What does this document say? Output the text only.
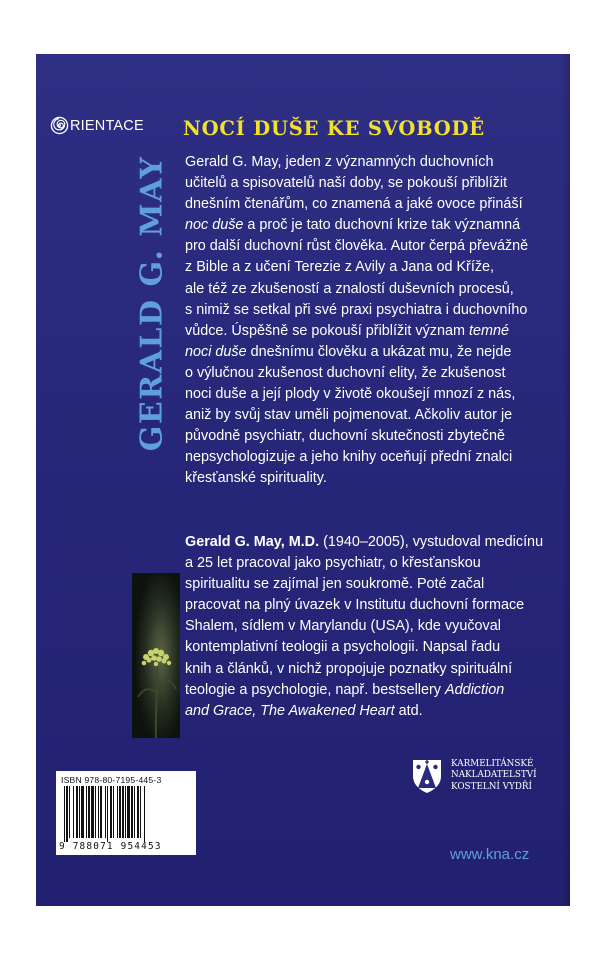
RIENTACE NOCÍ DUŠE KE SVOBODĚ
GERALD G. MAY Gerald G. May, jeden z významných duchovních
učitelů a spisovatelů naší doby, se pokouší přiblížit
dnešním čtenářům, co znamená a jaké ovoce přináší
noc duše a proč je tato duchovní krize tak významná
pro další duchovní růst člověka. Autor čerpá převážně
z Bible a z učení Terezie z Avily a Jana od Kříže,
ale též ze zkušeností a znalostí duševních procesů,
s nimiž se setkal při své praxi psychiatra i duchovního
vůdce. Úspěšně se pokouší přiblížit význam temné
noci duše dnešnímu člověku a ukázat mu, že nejde
o výlučnou zkušenost duchovní elity, že zkušenost
noci duše a její plody v životě okoušejí mnozí z nás,
aniž by svůj stav uměli pojmenovat. Ačkoliv autor je
původně psychiatr, duchovní skutečnosti zbytečně
nepsychologizuje a jeho knihy oceňují přední znalci
křesťanské spirituality.
Gerald G. May, M.D. (1940–2005), vystudoval medicínu
a 25 let pracoval jako psychiatr, o křesťanskou
spiritualitu se zajímal jen soukromě. Poté začal
pracovat na plný úvazek v Institutu duchovní formace
Shalem, sídlem v Marylandu (USA), kde vyučoval
kontemplativní teologii a psychologii. Napsal řadu
knih a článků, v nichž propojuje poznatky spirituální
teologie a psychologie, např. bestsellery Addiction
and Grace, The Awakened Heart atd.
ISBN 978-80-7195-445-3
9 788071 954453
KARMELITÁNSKÉ
NAKLADATELSTVÍ
KOSTELNÍ VYDŘÍ
www.kna.cz
